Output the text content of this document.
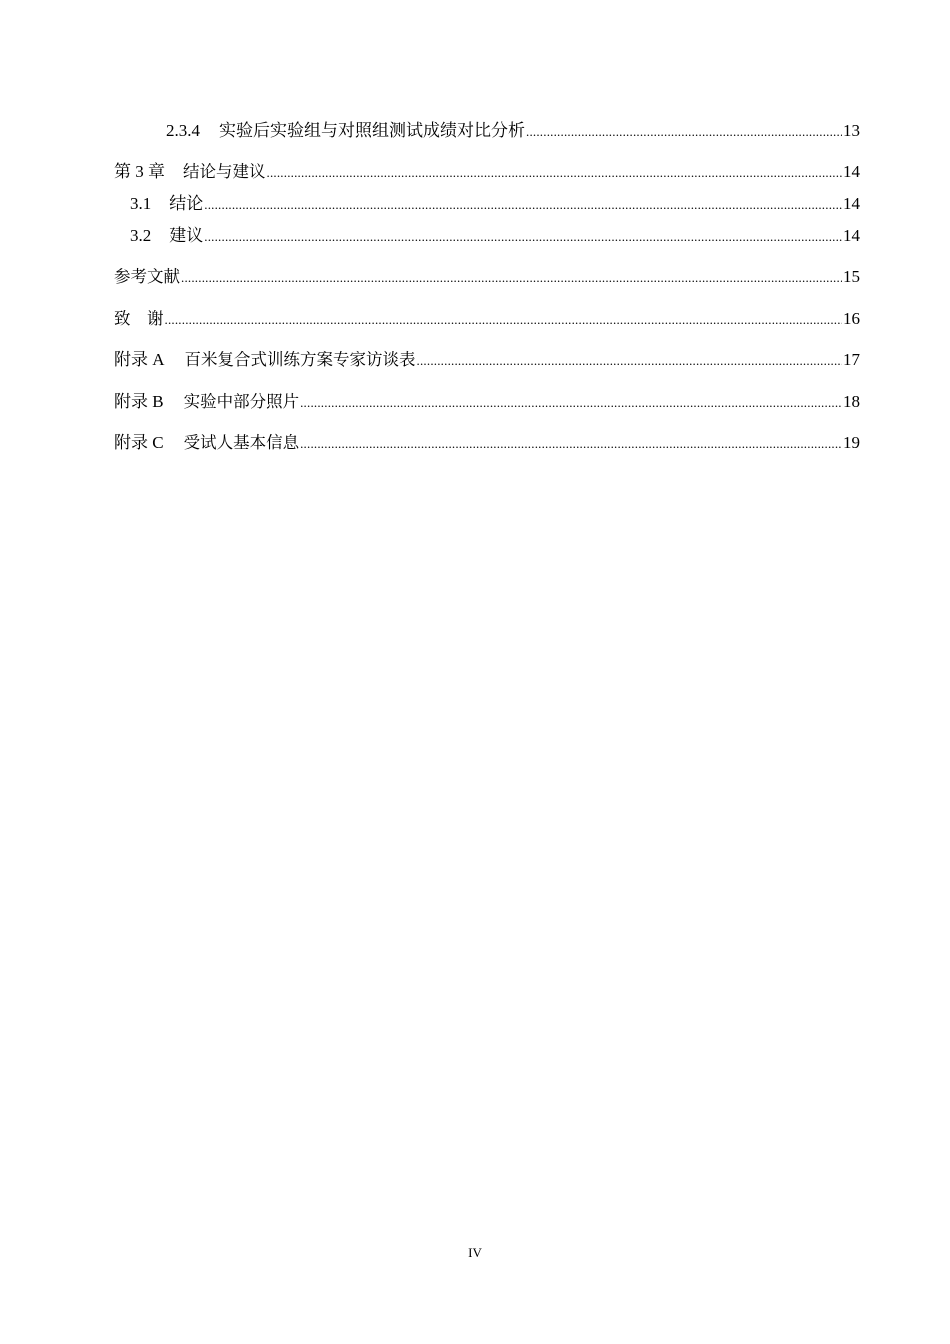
2.3.4 实验后实验组与对照组测试成绩对比分析 .....	13
第 3 章 结论与建议 .....	14
3.1 结论 .....	14
3.2 建议 .....	14
参考文献 .....	15
致　谢 .....	16
附录 A 百米复合式训练方案专家访谈表 .....	17
附录 B 实验中部分照片 .....	18
附录 C 受试人基本信息 .....	19
IV
